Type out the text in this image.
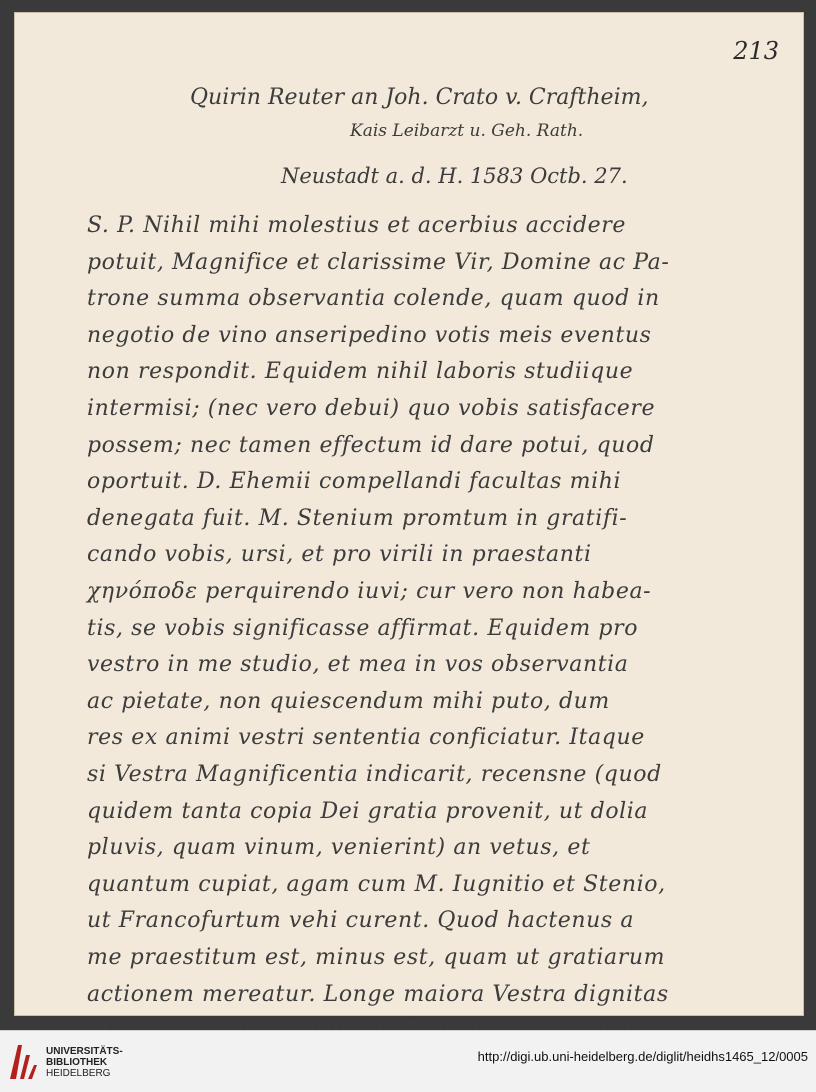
213
Quirin Reuter an Joh. Crato v. Craftheim,
Kais Leibarzt u. Geh. Rath.
Neustadt a. d. H. 1583 Octb. 27.
S. P. Nihil mihi molestius et acerbius accidere
potuit, Magnifice et clarissime Vir, Domine ac Pa-
trone summa observantia colende, quam quod in
negotio de vino anseripedino votis meis eventus
non respondit. Equidem nihil laboris studiique
intermisi; (nec vero debui) quo vobis satisfacere
possem; nec tamen effectum id dare potui, quod
oportuit. D. Ehemii compellandi facultas mihi
denegata fuit. M. Stenium promtum in gratifi-
cando vobis, ursi, et pro virili in praestanti
χηνόποδε perquirendo iuvi; cur vero non habea-
tis, se vobis significasse affirmat. Equidem pro
vestro in me studio, et mea in vos observantia
ac pietate, non quiescendum mihi puto, dum
res ex animi vestri sententia conficiatur. Itaque
si Vestra Magnificentia indicarit, recensne (quod
quidem tanta copia Dei gratia provenit, ut dolia
pluvis, quam vinum, venierint) an vetus, et
quantum cupiat, agam cum M. Iugnitio et Stenio,
ut Francofurtum vehi curent. Quod hactenus a
me praestitum est, minus est, quam ut gratiarum
actionem mereatur. Longe maiora Vestra dignitas
UNIVERSITÄTS-
BIBLIOTHEK
HEIDELBERG
http://digi.ub.uni-heidelberg.de/diglit/heidhs1465_12/0005
